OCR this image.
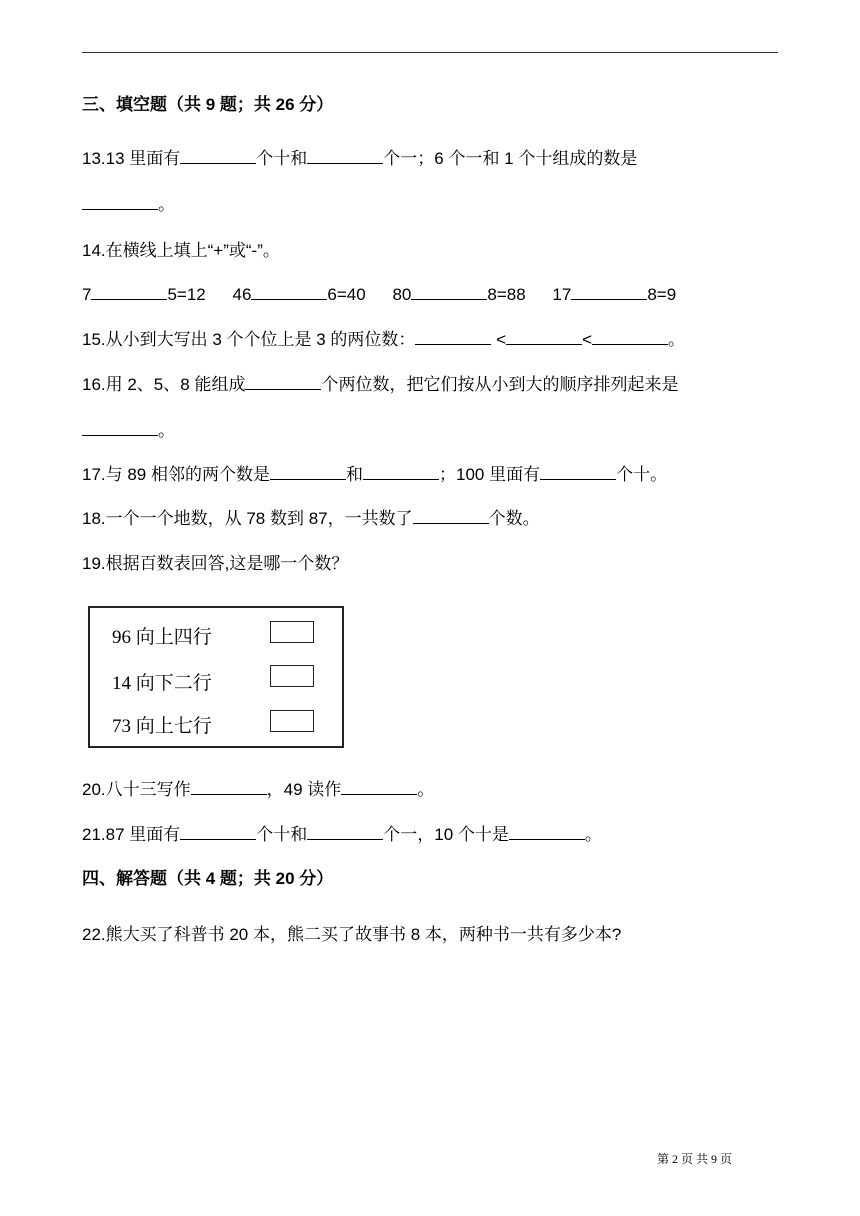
三、填空题（共 9 题；共 26 分）
13.13 里面有	个十和	个一；6 个一和 1 个十组成的数是
。
14.在横线上填上“+”或“-”。
7	5=12 46	6=40 80	8=88 17	8=9
15.从小到大写出 3 个个位上是 3 的两位数：	<	<	。
16.用 2、5、8 能组成	个两位数，把它们按从小到大的顺序排列起来是
。
17.与 89 相邻的两个数是	和	；100 里面有	个十。
18.一个一个地数，从 78 数到 87，一共数了	个数。
19.根据百数表回答,这是哪一个数？
96 向上四行
14 向下二行
73 向上七行
20.八十三写作	，49 读作	。
21.87 里面有	个十和	个一，10 个十是	。
四、解答题（共 4 题；共 20 分）
22.熊大买了科普书 20 本，熊二买了故事书 8 本，两种书一共有多少本?
第 2 页 共 9 页
